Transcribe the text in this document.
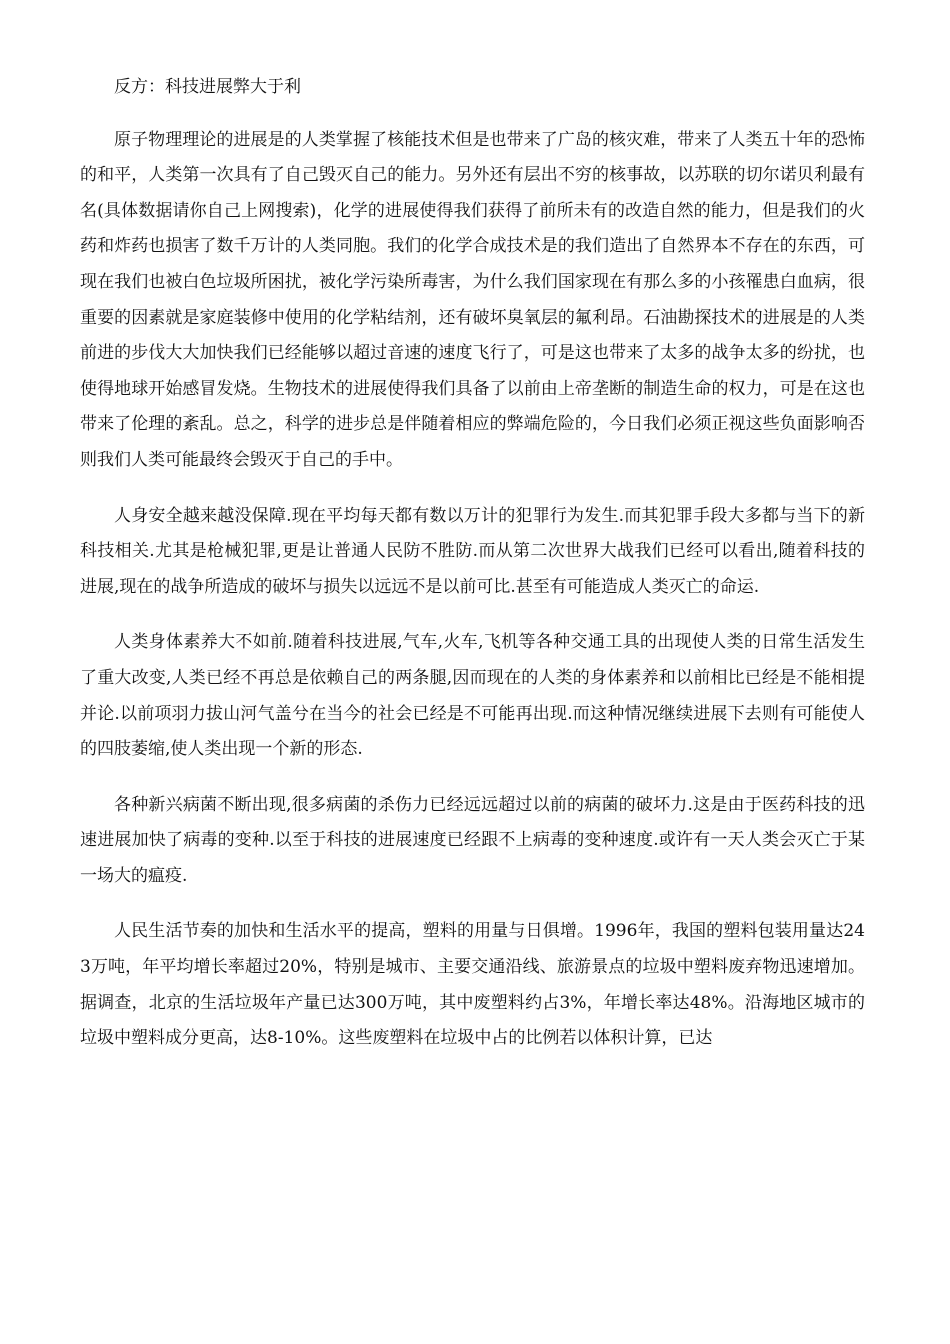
反方：科技进展弊大于利

原子物理理论的进展是的人类掌握了核能技术但是也带来了广岛的核灾难，带来了人类五十年的恐怖的和平，人类第一次具有了自己毁灭自己的能力。另外还有层出不穷的核事故，以苏联的切尔诺贝利最有名(具体数据请你自己上网搜索)，化学的进展使得我们获得了前所未有的改造自然的能力，但是我们的火药和炸药也损害了数千万计的人类同胞。我们的化学合成技术是的我们造出了自然界本不存在的东西，可现在我们也被白色垃圾所困扰，被化学污染所毒害，为什么我们国家现在有那么多的小孩罹患白血病，很重要的因素就是家庭装修中使用的化学粘结剂，还有破坏臭氧层的氟利昂。石油勘探技术的进展是的人类前进的步伐大大加快我们已经能够以超过音速的速度飞行了，可是这也带来了太多的战争太多的纷扰，也使得地球开始感冒发烧。生物技术的进展使得我们具备了以前由上帝垄断的制造生命的权力，可是在这也带来了伦理的紊乱。总之，科学的进步总是伴随着相应的弊端危险的，今日我们必须正视这些负面影响否则我们人类可能最终会毁灭于自己的手中。

人身安全越来越没保障.现在平均每天都有数以万计的犯罪行为发生.而其犯罪手段大多都与当下的新科技相关.尤其是枪械犯罪,更是让普通人民防不胜防.而从第二次世界大战我们已经可以看出,随着科技的进展,现在的战争所造成的破坏与损失以远远不是以前可比.甚至有可能造成人类灭亡的命运.

人类身体素养大不如前.随着科技进展,气车,火车,飞机等各种交通工具的出现使人类的日常生活发生了重大改变,人类已经不再总是依赖自己的两条腿,因而现在的人类的身体素养和以前相比已经是不能相提并论.以前项羽力拔山河气盖兮在当今的社会已经是不可能再出现.而这种情况继续进展下去则有可能使人的四肢萎缩,使人类出现一个新的形态.

各种新兴病菌不断出现,很多病菌的杀伤力已经远远超过以前的病菌的破坏力.这是由于医药科技的迅速进展加快了病毒的变种.以至于科技的进展速度已经跟不上病毒的变种速度.或许有一天人类会灭亡于某一场大的瘟疫.

人民生活节奏的加快和生活水平的提高，塑料的用量与日俱增。1996年，我国的塑料包装用量达243万吨，年平均增长率超过20%，特别是城市、主要交通沿线、旅游景点的垃圾中塑料废弃物迅速增加。据调查，北京的生活垃圾年产量已达300万吨，其中废塑料约占3%，年增长率达48%。沿海地区城市的垃圾中塑料成分更高，达8-10%。这些废塑料在垃圾中占的比例若以体积计算，已达
